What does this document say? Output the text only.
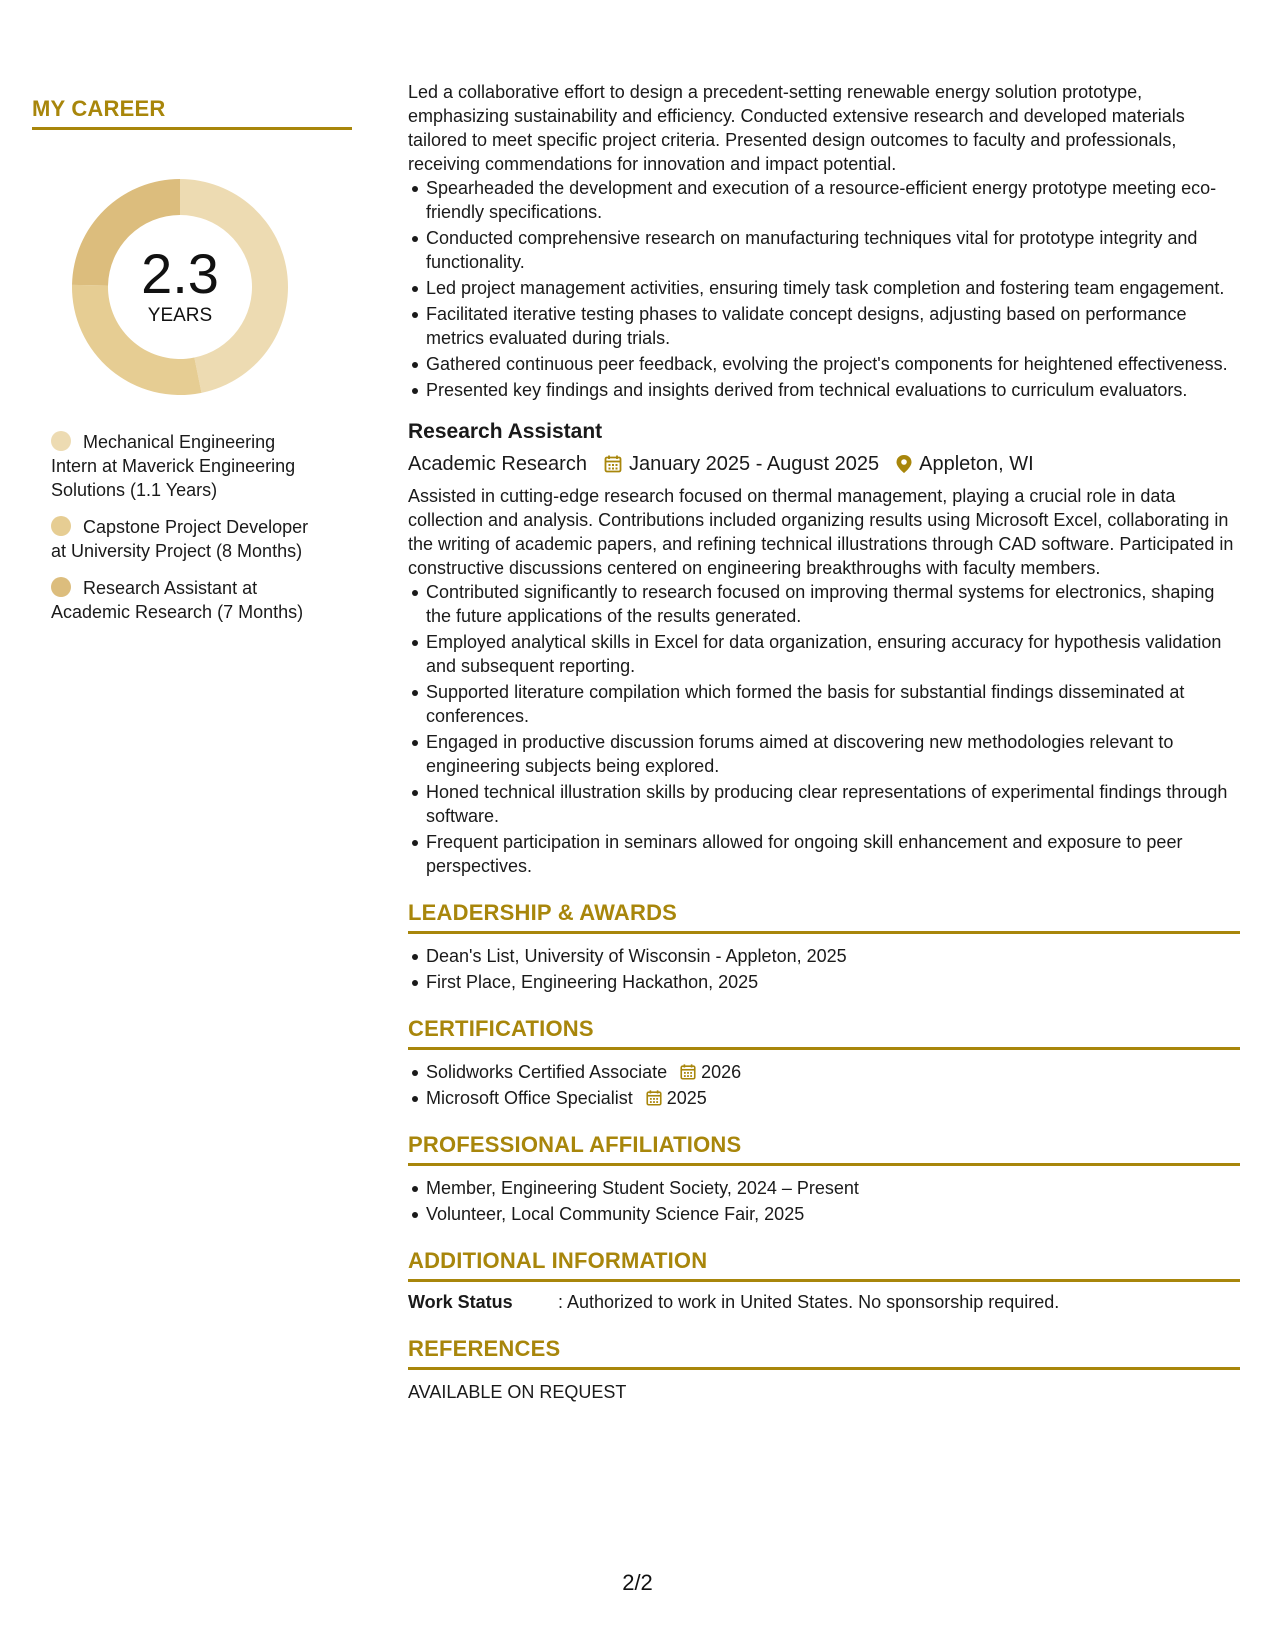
MY CAREER
2.3
YEARS
Mechanical Engineering Intern at Maverick Engineering Solutions (1.1 Years)
Capstone Project Developer at University Project (8 Months)
Research Assistant at Academic Research (7 Months)

Led a collaborative effort to design a precedent-setting renewable energy solution prototype, emphasizing sustainability and efficiency. Conducted extensive research and developed materials tailored to meet specific project criteria. Presented design outcomes to faculty and professionals, receiving commendations for innovation and impact potential.

Spearheaded the development and execution of a resource-efficient energy prototype meeting eco-friendly specifications.
Conducted comprehensive research on manufacturing techniques vital for prototype integrity and functionality.
Led project management activities, ensuring timely task completion and fostering team engagement.
Facilitated iterative testing phases to validate concept designs, adjusting based on performance metrics evaluated during trials.
Gathered continuous peer feedback, evolving the project's components for heightened effectiveness.
Presented key findings and insights derived from technical evaluations to curriculum evaluators.
Research Assistant
Academic Research January 2025 - August 2025 Appleton, WI

Assisted in cutting-edge research focused on thermal management, playing a crucial role in data collection and analysis. Contributions included organizing results using Microsoft Excel, collaborating in the writing of academic papers, and refining technical illustrations through CAD software. Participated in constructive discussions centered on engineering breakthroughs with faculty members.

Contributed significantly to research focused on improving thermal systems for electronics, shaping the future applications of the results generated.
Employed analytical skills in Excel for data organization, ensuring accuracy for hypothesis validation and subsequent reporting.
Supported literature compilation which formed the basis for substantial findings disseminated at conferences.
Engaged in productive discussion forums aimed at discovering new methodologies relevant to engineering subjects being explored.
Honed technical illustration skills by producing clear representations of experimental findings through software.
Frequent participation in seminars allowed for ongoing skill enhancement and exposure to peer perspectives.
LEADERSHIP & AWARDS
Dean's List, University of Wisconsin - Appleton, 2025
First Place, Engineering Hackathon, 2025
CERTIFICATIONS
Solidworks Certified Associate 2026
Microsoft Office Specialist 2025
PROFESSIONAL AFFILIATIONS
Member, Engineering Student Society, 2024 – Present
Volunteer, Local Community Science Fair, 2025
ADDITIONAL INFORMATION
Work Status	: Authorized to work in United States. No sponsorship required.
REFERENCES
AVAILABLE ON REQUEST
2/2
